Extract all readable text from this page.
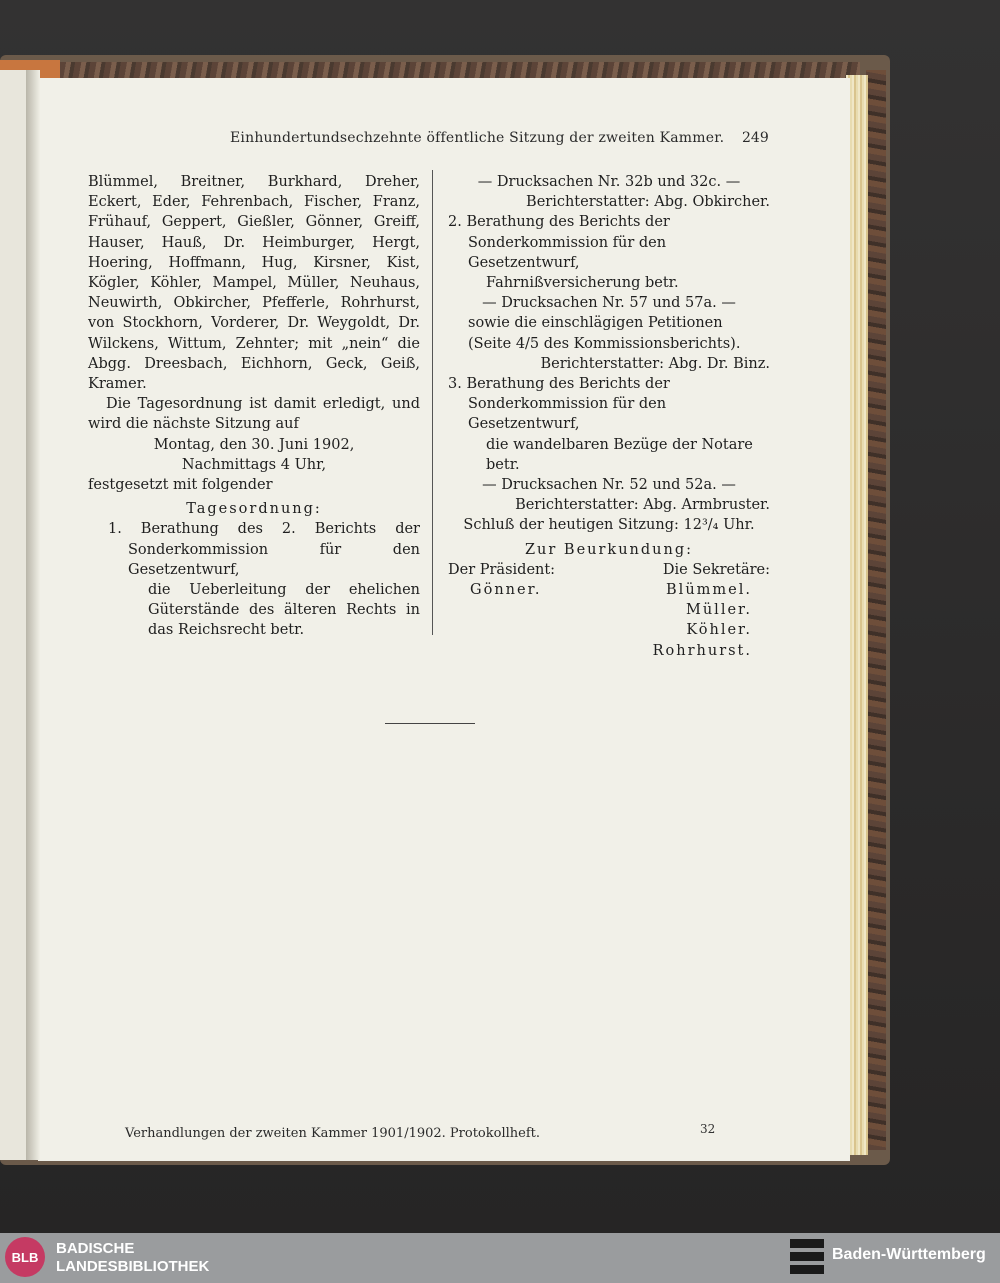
Einhundertundsechzehnte öffentliche Sitzung der zweiten Kammer. 249
Blümmel, Breitner, Burkhard, Dreher, Eckert, Eder, Fehrenbach, Fischer, Franz, Frühauf, Geppert, Gießler, Gönner, Greiff, Hauser, Hauß, Dr. Heimburger, Hergt, Hoering, Hoffmann, Hug, Kirsner, Kist, Kögler, Köhler, Mampel, Müller, Neuhaus, Neuwirth, Obkircher, Pfefferle, Rohrhurst, von Stockhorn, Vorderer, Dr. Weygoldt, Dr. Wilckens, Wittum, Zehnter; mit „nein“ die Abgg. Dreesbach, Eichhorn, Geck, Geiß, Kramer.
Die Tagesordnung ist damit erledigt, und wird die nächste Sitzung auf
Montag, den 30. Juni 1902,
Nachmittags 4 Uhr,
festgesetzt mit folgender
Tagesordnung:
1. Berathung des 2. Berichts der Sonderkommission für den Gesetzentwurf,
die Ueberleitung der ehelichen Güterstände des älteren Rechts in das Reichsrecht betr.
— Drucksachen Nr. 32b und 32c. —
Berichterstatter: Abg. Obkircher.
2. Berathung des Berichts der Sonderkommission für den Gesetzentwurf,
Fahrnißversicherung betr.
— Drucksachen Nr. 57 und 57a. —
sowie die einschlägigen Petitionen (Seite 4/5 des Kommissionsberichts).
Berichterstatter: Abg. Dr. Binz.
3. Berathung des Berichts der Sonderkommission für den Gesetzentwurf,
die wandelbaren Bezüge der Notare betr.
— Drucksachen Nr. 52 und 52a. —
Berichterstatter: Abg. Armbruster.
Schluß der heutigen Sitzung: 12³/₄ Uhr.
Zur Beurkundung:
Der Präsident:	Die Sekretäre:
Gönner.	Blümmel.
Müller.
Köhler.
Rohrhurst.
Verhandlungen der zweiten Kammer 1901/1902. Protokollheft.	32
BLB	BADISCHE
LANDESBIBLIOTHEK
Baden-Württemberg
